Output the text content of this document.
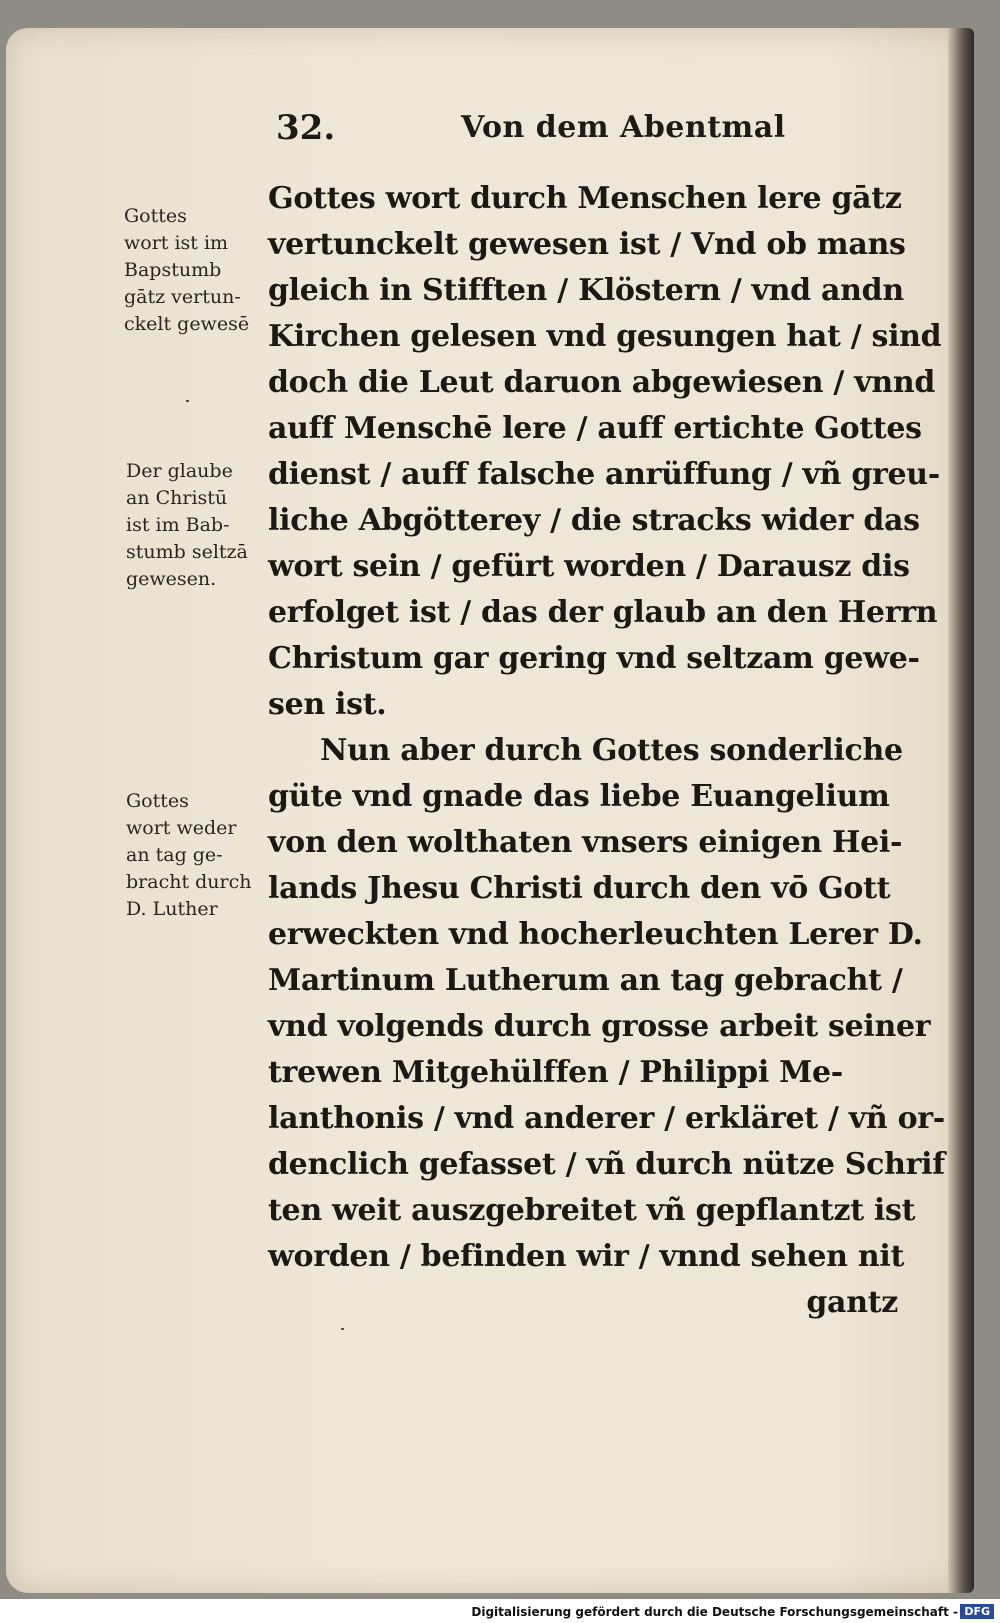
32.	Von dem Abentmal
Gottes
wort ist im
Bapstumb
gātz vertun-
ckelt gewesē
Der glaube
an Christū
ist im Bab-
stumb seltzā
gewesen.
Gottes
wort weder
an tag ge-
bracht durch
D. Luther
Gottes wort durch Menschen lere gātz
vertunckelt gewesen ist / Vnd ob mans
gleich in Stifften / Klöstern / vnd andn
Kirchen gelesen vnd gesungen hat / sind
doch die Leut daruon abgewiesen / vnnd
auff Menschē lere / auff ertichte Gottes
dienst / auff falsche anrüffung / vñ greu-
liche Abgötterey / die stracks wider das
wort sein / gefürt worden / Darausz dis
erfolget ist / das der glaub an den Herrn
Christum gar gering vnd seltzam gewe-
sen ist.
Nun aber durch Gottes sonderliche
güte vnd gnade das liebe Euangelium
von den wolthaten vnsers einigen Hei-
lands Jhesu Christi durch den vō Gott
erweckten vnd hocherleuchten Lerer D.
Martinum Lutherum an tag gebracht /
vnd volgends durch grosse arbeit seiner
trewen Mitgehülffen / Philippi Me-
lanthonis / vnd anderer / erkläret / vñ or-
denclich gefasset / vñ durch nütze Schrif
ten weit auszgebreitet vñ gepflantzt ist
worden / befinden wir / vnnd sehen nit
gantz
Digitalisierung gefördert durch die Deutsche Forschungsgemeinschaft - DFG
